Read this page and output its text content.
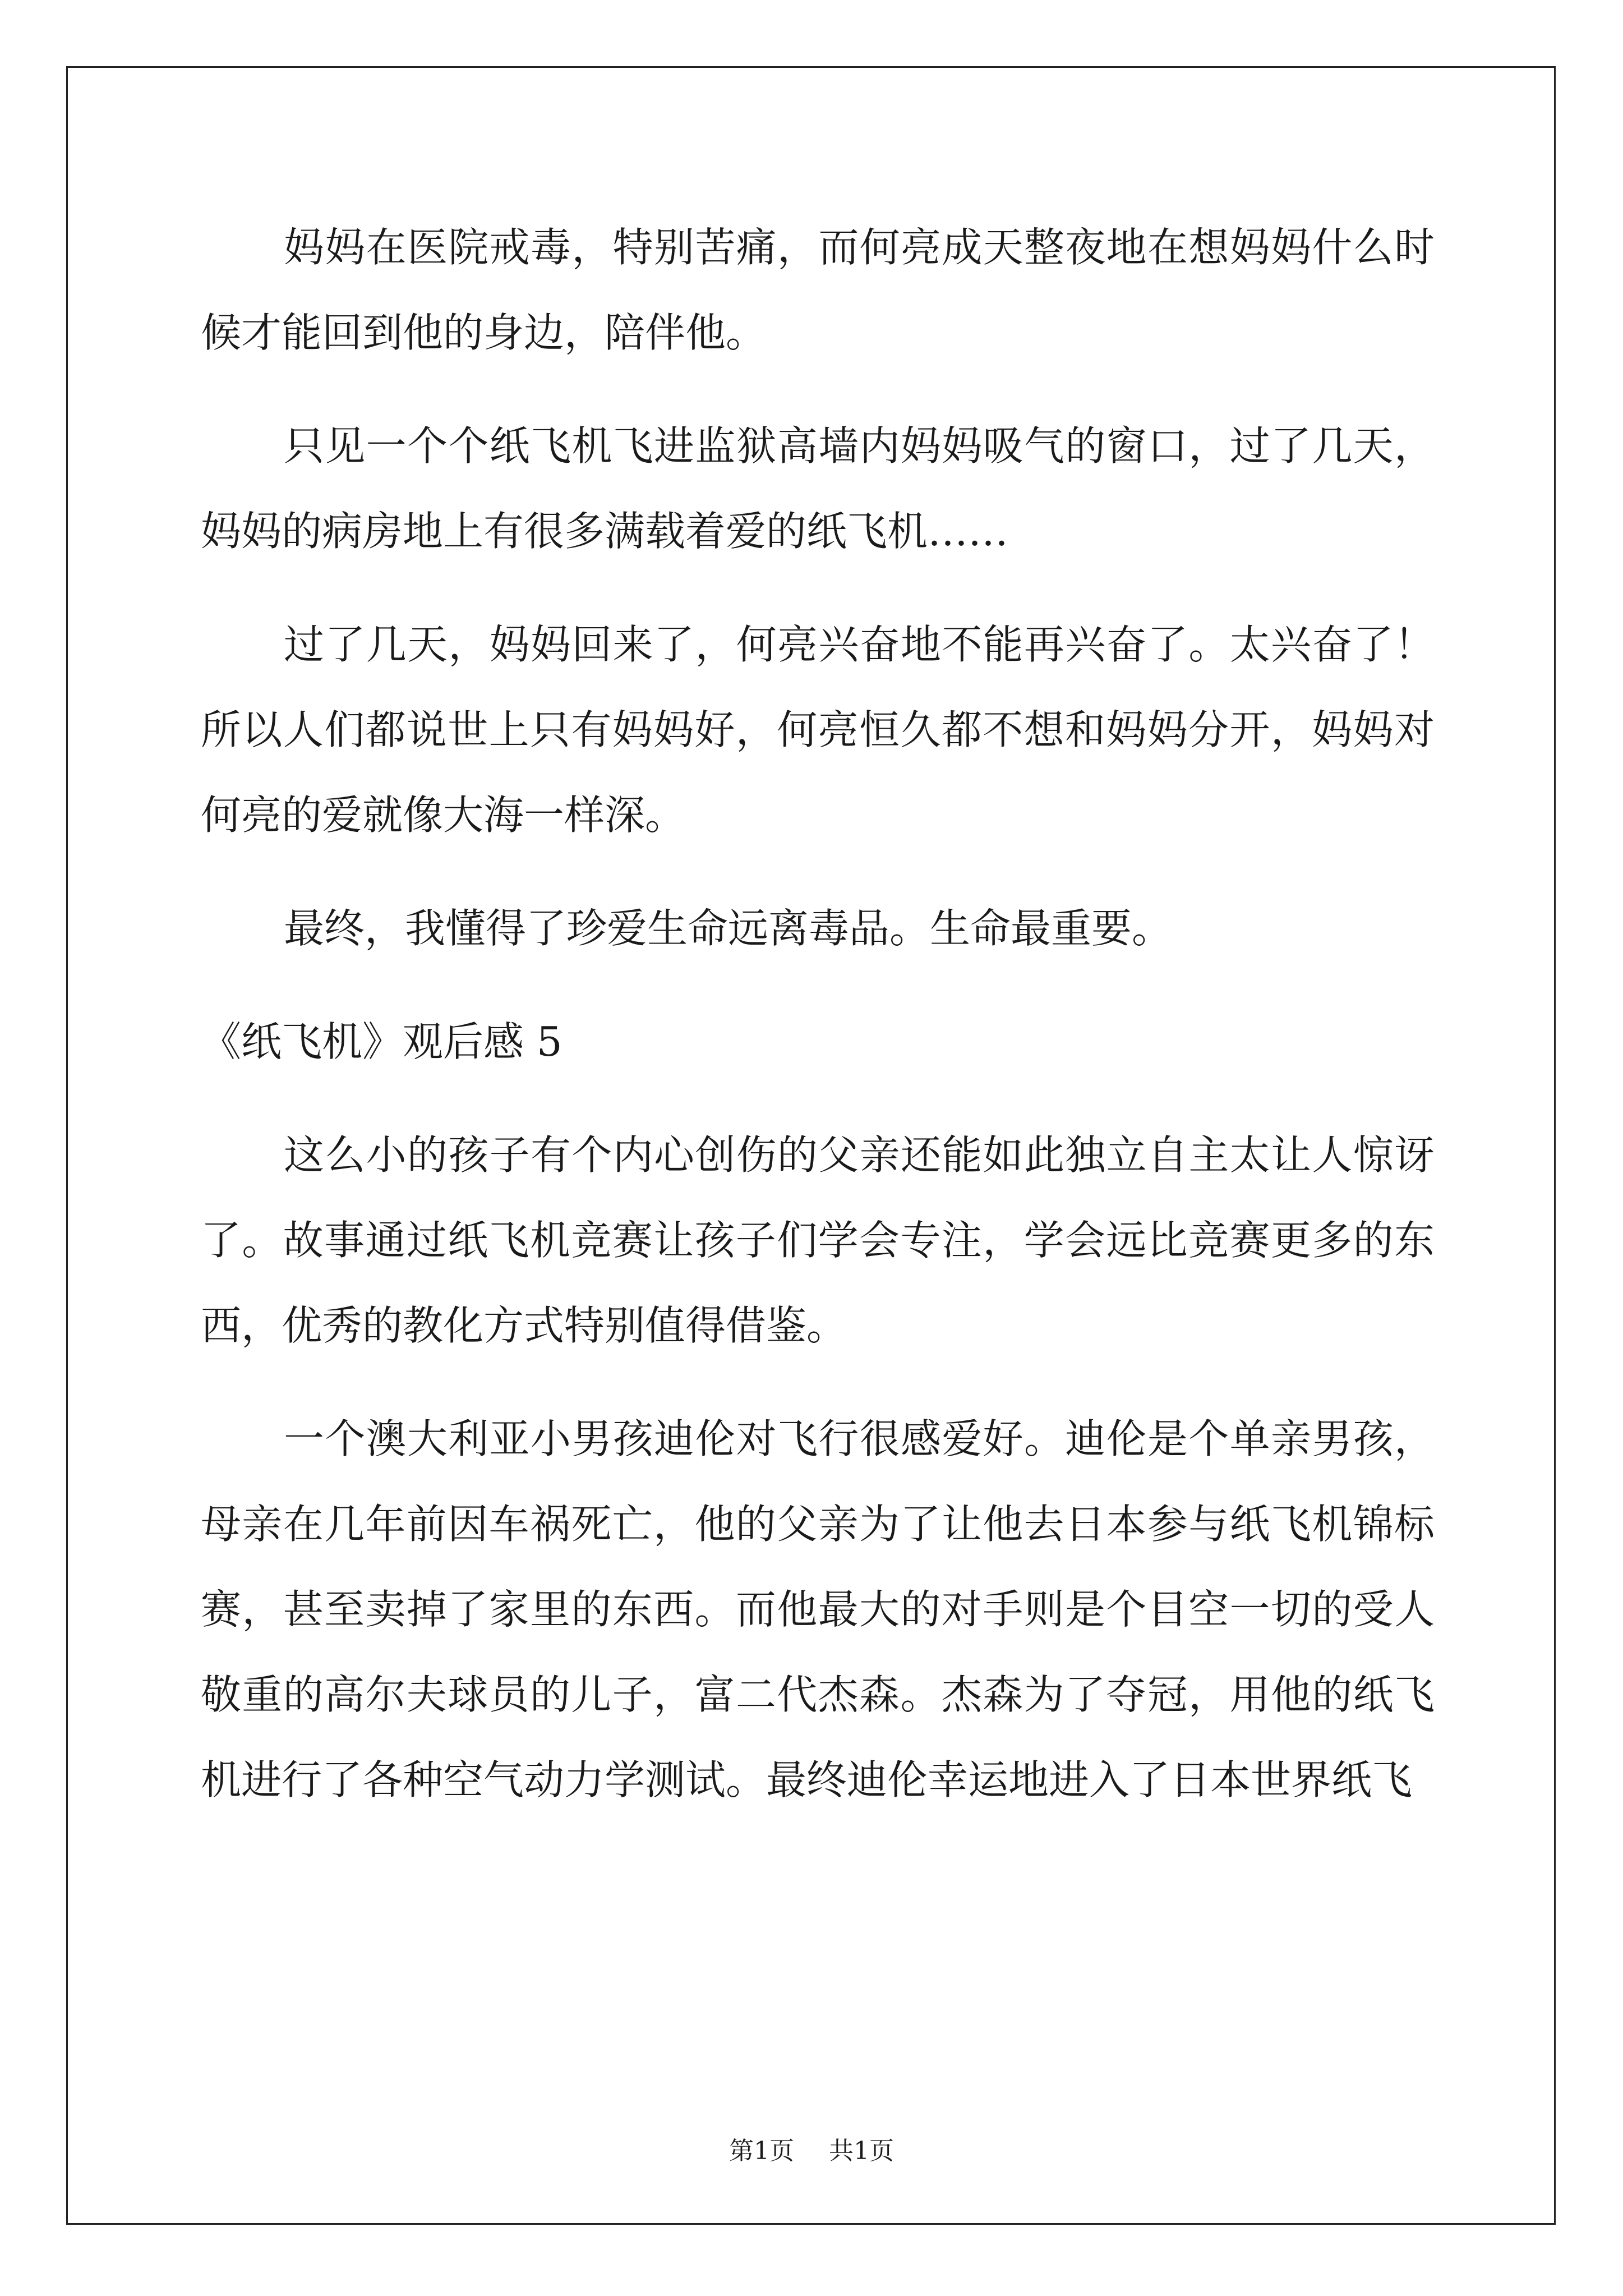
妈妈在医院戒毒，特别苦痛，而何亮成天整夜地在想妈妈什么时候才能回到他的身边，陪伴他。

只见一个个纸飞机飞进监狱高墙内妈妈吸气的窗口，过了几天，妈妈的病房地上有很多满载着爱的纸飞机……

过了几天，妈妈回来了，何亮兴奋地不能再兴奋了。太兴奋了！所以人们都说世上只有妈妈好，何亮恒久都不想和妈妈分开，妈妈对何亮的爱就像大海一样深。

最终，我懂得了珍爱生命远离毒品。生命最重要。

《纸飞机》观后感 5

这么小的孩子有个内心创伤的父亲还能如此独立自主太让人惊讶了。故事通过纸飞机竞赛让孩子们学会专注，学会远比竞赛更多的东西，优秀的教化方式特别值得借鉴。

一个澳大利亚小男孩迪伦对飞行很感爱好。迪伦是个单亲男孩，母亲在几年前因车祸死亡，他的父亲为了让他去日本参与纸飞机锦标赛，甚至卖掉了家里的东西。而他最大的对手则是个目空一切的受人敬重的高尔夫球员的儿子，富二代杰森。杰森为了夺冠，用他的纸飞机进行了各种空气动力学测试。最终迪伦幸运地进入了日本世界纸飞

第1页 共1页
